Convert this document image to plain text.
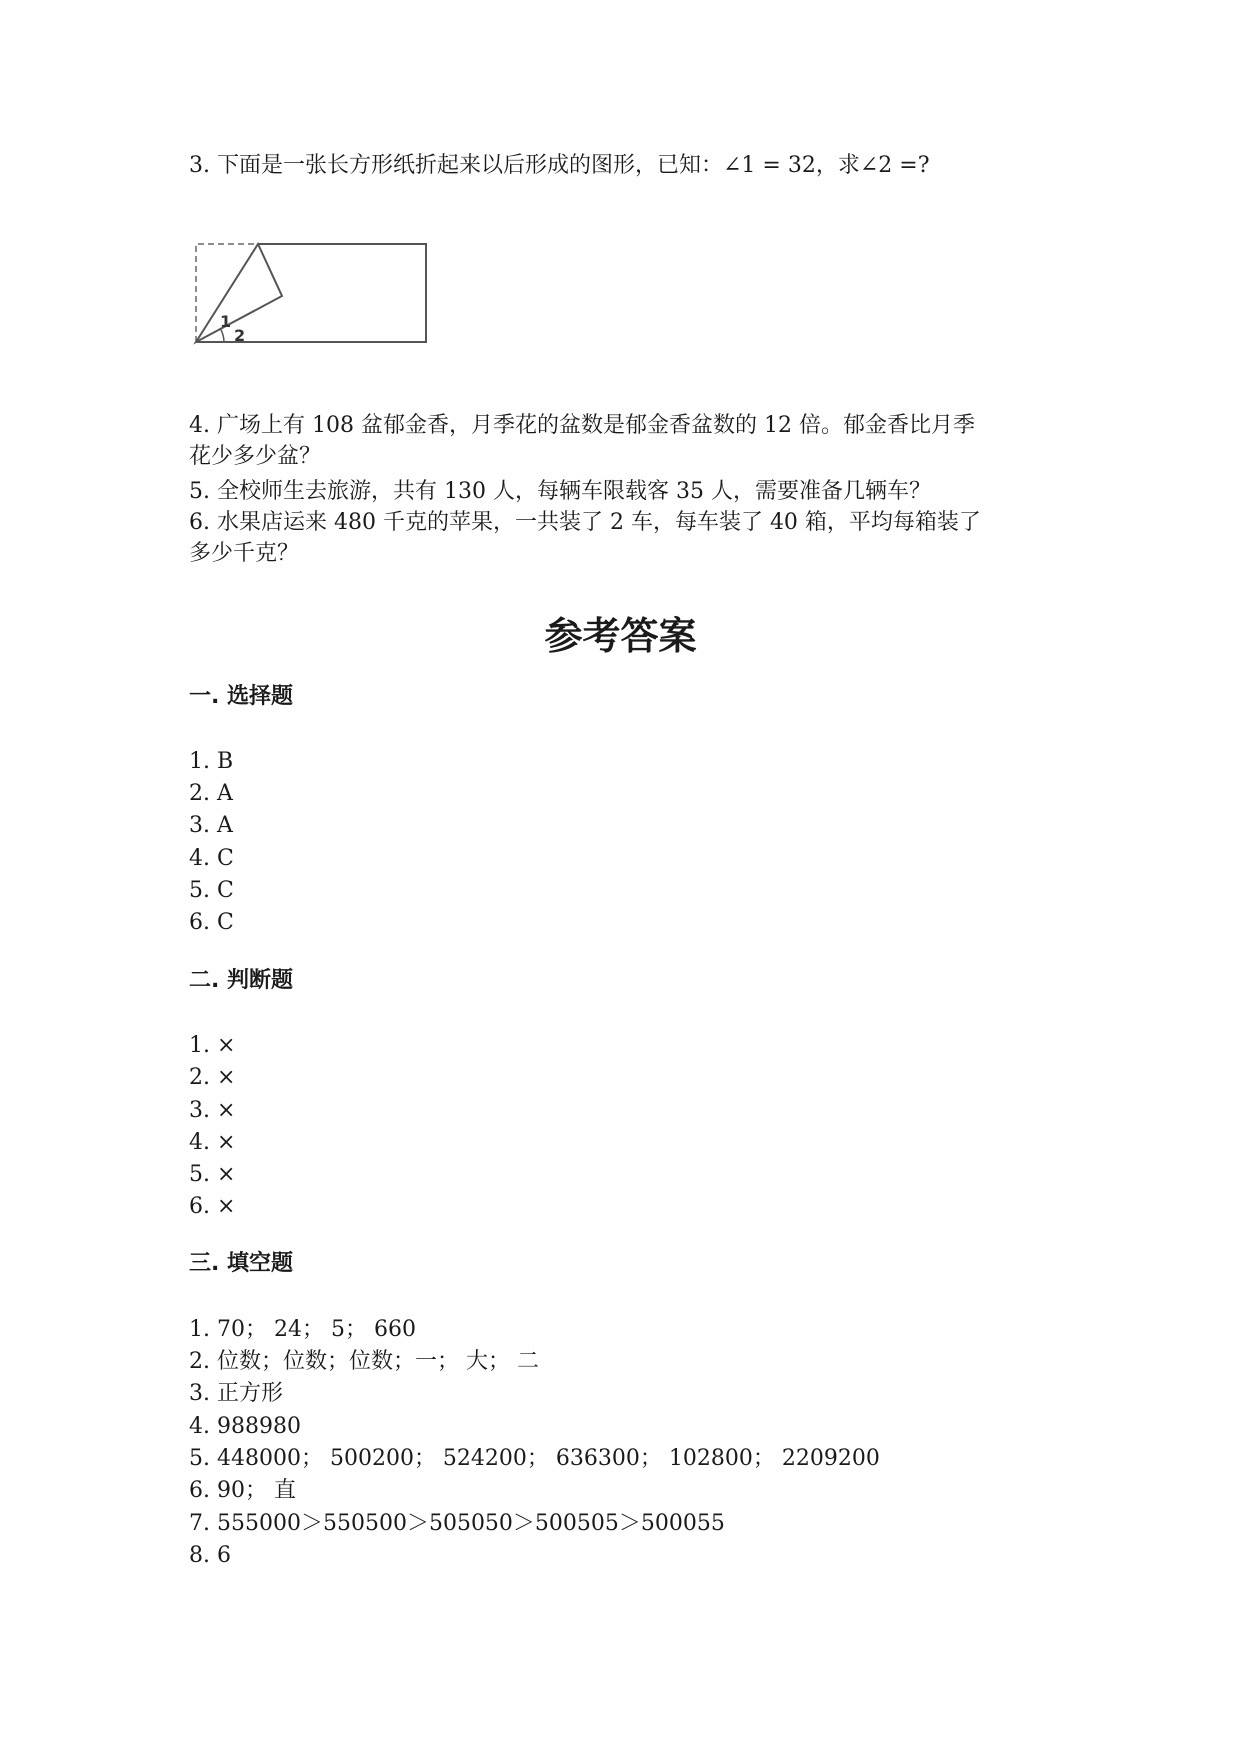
3. 下面是一张长方形纸折起来以后形成的图形，已知：∠1 = 32，求∠2 =?
1
2
4. 广场上有 108 盆郁金香，月季花的盆数是郁金香盆数的 12 倍。郁金香比月季
花少多少盆？
5. 全校师生去旅游，共有 130 人，每辆车限载客 35 人，需要准备几辆车？
6. 水果店运来 480 千克的苹果，一共装了 2 车，每车装了 40 箱，平均每箱装了
多少千克？
参考答案
一. 选择题
1. B
2. A
3. A
4. C
5. C
6. C
二. 判断题
1. ×
2. ×
3. ×
4. ×
5. ×
6. ×
三. 填空题
1. 70； 24； 5； 660
2. 位数；位数；位数；一； 大； 二
3. 正方形
4. 988980
5. 448000； 500200； 524200； 636300； 102800； 2209200
6. 90； 直
7. 555000＞550500＞505050＞500505＞500055
8. 6
